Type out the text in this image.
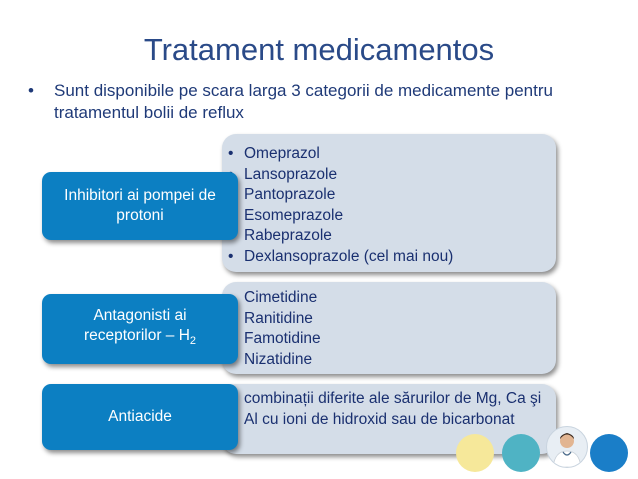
Tratament medicamentos
• Sunt disponibile pe scara larga 3 categorii de medicamente pentru tratamentul bolii de reflux
• Omeprazol
Lansoprazole
Pantoprazole
Esomeprazole
Rabeprazole
• Dexlansoprazole (cel mai nou)
Inhibitori ai pompei de protoni
Cimetidine
Ranitidine
Famotidine
Nizatidine
Antagonisti ai receptorilor – $H_2$
combinații diferite ale sărurilor de Mg, Ca şi Al cu ioni de hidroxid sau de bicarbonat
Antiacide
